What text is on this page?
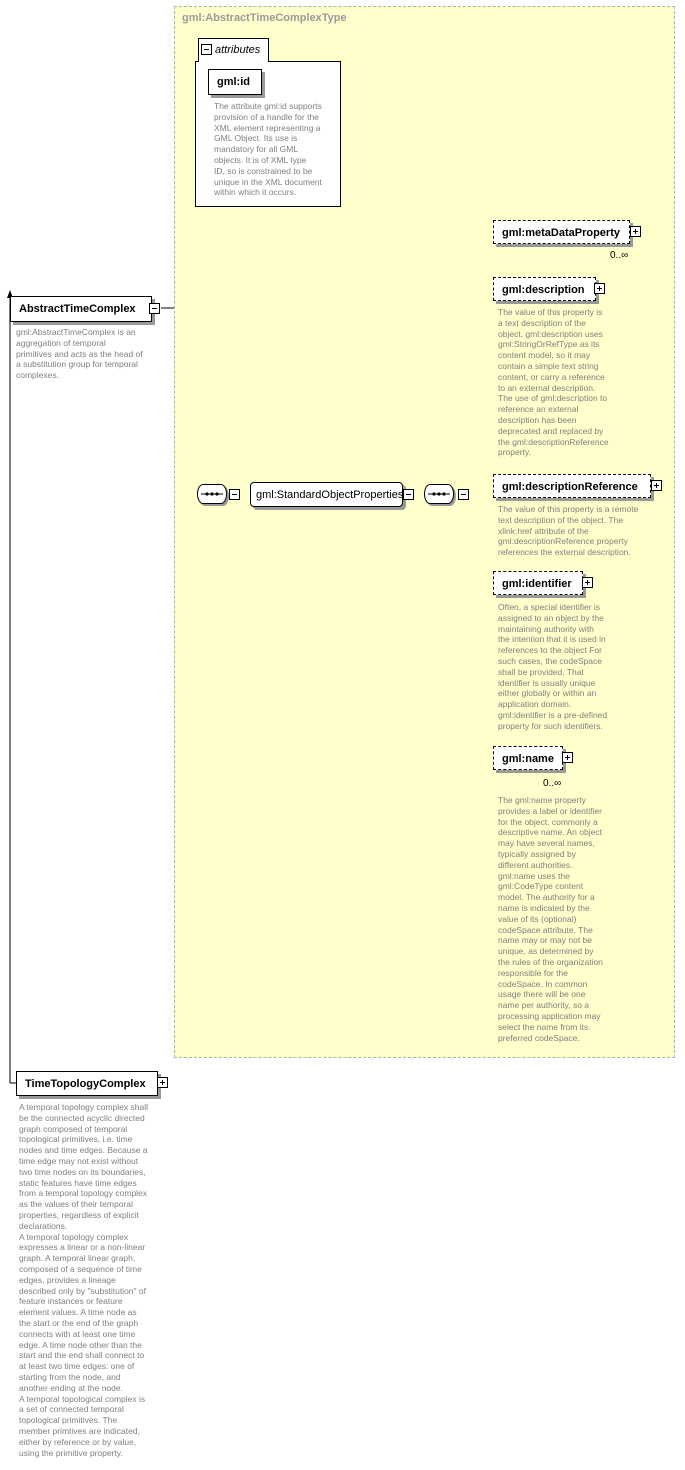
gml:AbstractTimeComplexType
attributes
gml:id
The attribute gml:id supports
provision of a handle for the
XML element representing a
GML Object. Its use is
mandatory for all GML
objects. It is of XML type
ID, so is constrained to be
unique in the XML document
within which it occurs.
AbstractTimeComplex
gml:AbstractTimeComplex is an
aggregation of temporal
primitives and acts as the head of
a substitution group for temporal
complexes.
gml:StandardObjectProperties
gml:metaDataProperty
0..∞
gml:description
The value of this property is
a text description of the
object. gml:description uses
gml:StringOrRefType as its
content model, so it may
contain a simple text string
content, or carry a reference
to an external description.
The use of gml:description to
reference an external
description has been
deprecated and replaced by
the gml:descriptionReference
property.
gml:descriptionReference
The value of this property is a remote
text description of the object. The
xlink:href attribute of the
gml:descriptionReference property
references the external description.
gml:identifier
Often, a special identifier is
assigned to an object by the
maintaining authority with
the intention that it is used in
references to the object For
such cases, the codeSpace
shall be provided. That
identifier is usually unique
either globally or within an
application domain.
gml:identifier is a pre-defined
property for such identifiers.
gml:name
0..∞
The gml:name property
provides a label or identifier
for the object, commonly a
descriptive name. An object
may have several names,
typically assigned by
different authorities.
gml:name uses the
gml:CodeType content
model. The authority for a
name is indicated by the
value of its (optional)
codeSpace attribute. The
name may or may not be
unique, as determined by
the rules of the organization
responsible for the
codeSpace. In common
usage there will be one
name per authority, so a
processing application may
select the name from its
preferred codeSpace.
TimeTopologyComplex
A temporal topology complex shall
be the connected acyclic directed
graph composed of temporal
topological primitives, i.e. time
nodes and time edges. Because a
time edge may not exist without
two time nodes on its boundaries,
static features have time edges
from a temporal topology complex
as the values of their temporal
properties, regardless of explicit
declarations.
A temporal topology complex
expresses a linear or a non-linear
graph. A temporal linear graph,
composed of a sequence of time
edges, provides a lineage
described only by "substitution" of
feature instances or feature
element values. A time node as
the start or the end of the graph
connects with at least one time
edge. A time node other than the
start and the end shall connect to
at least two time edges: one of
starting from the node, and
another ending at the node.
A temporal topological complex is
a set of connected temporal
topological primitives. The
member primtives are indicated,
either by reference or by value,
using the primitive property.
